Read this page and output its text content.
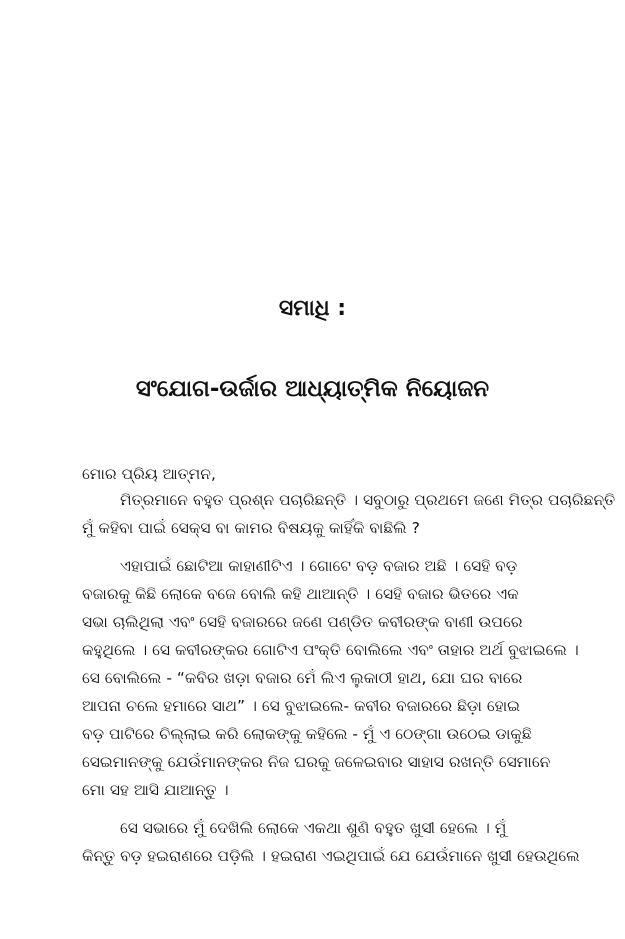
ସମାଧି :
ସଂଯୋଗ-ଉର୍ଜାର ଆଧ୍ୟାତ୍ମିକ ନିୟୋଜନ
ମୋର ପ୍ରିୟ ଆତ୍ମନ,
ମିତ୍ରମାନେ ବହୁତ ପ୍ରଶ୍ନ ପଚାରିଛନ୍ତି । ସବୁଠାରୁ ପ୍ରଥମେ ଜଣେ ମିତ୍ର ପଚାରିଛନ୍ତି
ମୁଁ କହିବା ପାଇଁ ସେକ୍ସ ବା କାମର ବିଷୟକୁ କାହିଁକି ବାଛିଲି ?
ଏହାପାଇଁ ଛୋଟିଆ କାହାଣୀଟିଏ । ଗୋଟେ ବଡ଼ ବଜାର ଅଛି । ସେହି ବଡ଼
ବଜାରକୁ କିଛି ଲୋକେ ବଜେ ବୋଲି କହି ଥାଆନ୍ତି । ସେହି ବଜାର ଭିତରେ ଏକ
ସଭା ଚାଲିଥିଲା ଏବଂ ସେହି ବଜାରରେ ଜଣେ ପଣ୍ଡିତ କବୀରଙ୍କ ବାଣୀ ଉପରେ
କହୁଥିଲେ । ସେ କବୀରଙ୍କର ଗୋଟିଏ ପଂକ୍ତି ବୋଲିଲେ ଏବଂ ତାହାର ଅର୍ଥ ବୁଝାଇଲେ ।
ସେ ବୋଲିଲେ - “କବିର ଖଡ଼ା ବଜାର ମେଁ ଲିଏ ଲୁକାଠୀ ହାଥ, ଯୋ ଘର ବାରେ
ଆପନା ଚଲେ ହମାରେ ସାଥ” । ସେ ବୁଝାଇଲେ- କବୀର ବଜାରରେ ଛିଡ଼ା ହୋଇ
ବଡ଼ ପାଟିରେ ଚିଲ୍ଲାଇ କରି ଲୋକଙ୍କୁ କହିଲେ - ମୁଁ ଏ ଠେଙ୍ଗା ଉଠେଇ ଡାକୁଛି
ସେଇମାନଙ୍କୁ ଯେଉଁମାନଙ୍କର ନିଜ ଘରକୁ ଜଳେଇବାର ସାହାସ ରଖନ୍ତି ସେମାନେ
ମୋ ସହ ଆସି ଯାଆନ୍ତୁ ।
ସେ ସଭାରେ ମୁଁ ଦେଖିଲି ଲୋକେ ଏକଥା ଶୁଣି ବହୁତ ଖୁସୀ ହେଲେ । ମୁଁ
କିନ୍ତୁ ବଡ଼ ହଇରାଣରେ ପଡ଼ିଲି । ହଇରାଣ ଏଇଥିପାଇଁ ଯେ ଯେଉଁମାନେ ଖୁସୀ ହେଉଥିଲେ
